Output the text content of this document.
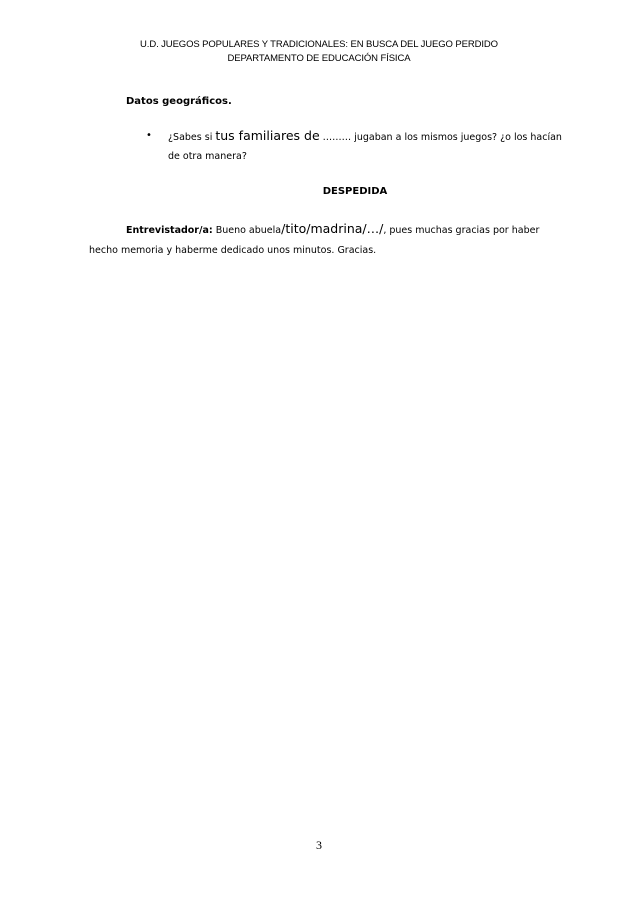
U.D. JUEGOS POPULARES Y TRADICIONALES: EN BUSCA DEL JUEGO PERDIDO
DEPARTAMENTO DE EDUCACIÓN FÍSICA
Datos geográficos.
• ¿Sabes si tus familiares de ……… jugaban a los mismos juegos? ¿o los hacían de otra manera?
DESPEDIDA
Entrevistador/a: Bueno abuela/tito/madrina/…/, pues muchas gracias por haber hecho memoria y haberme dedicado unos minutos. Gracias.
3
